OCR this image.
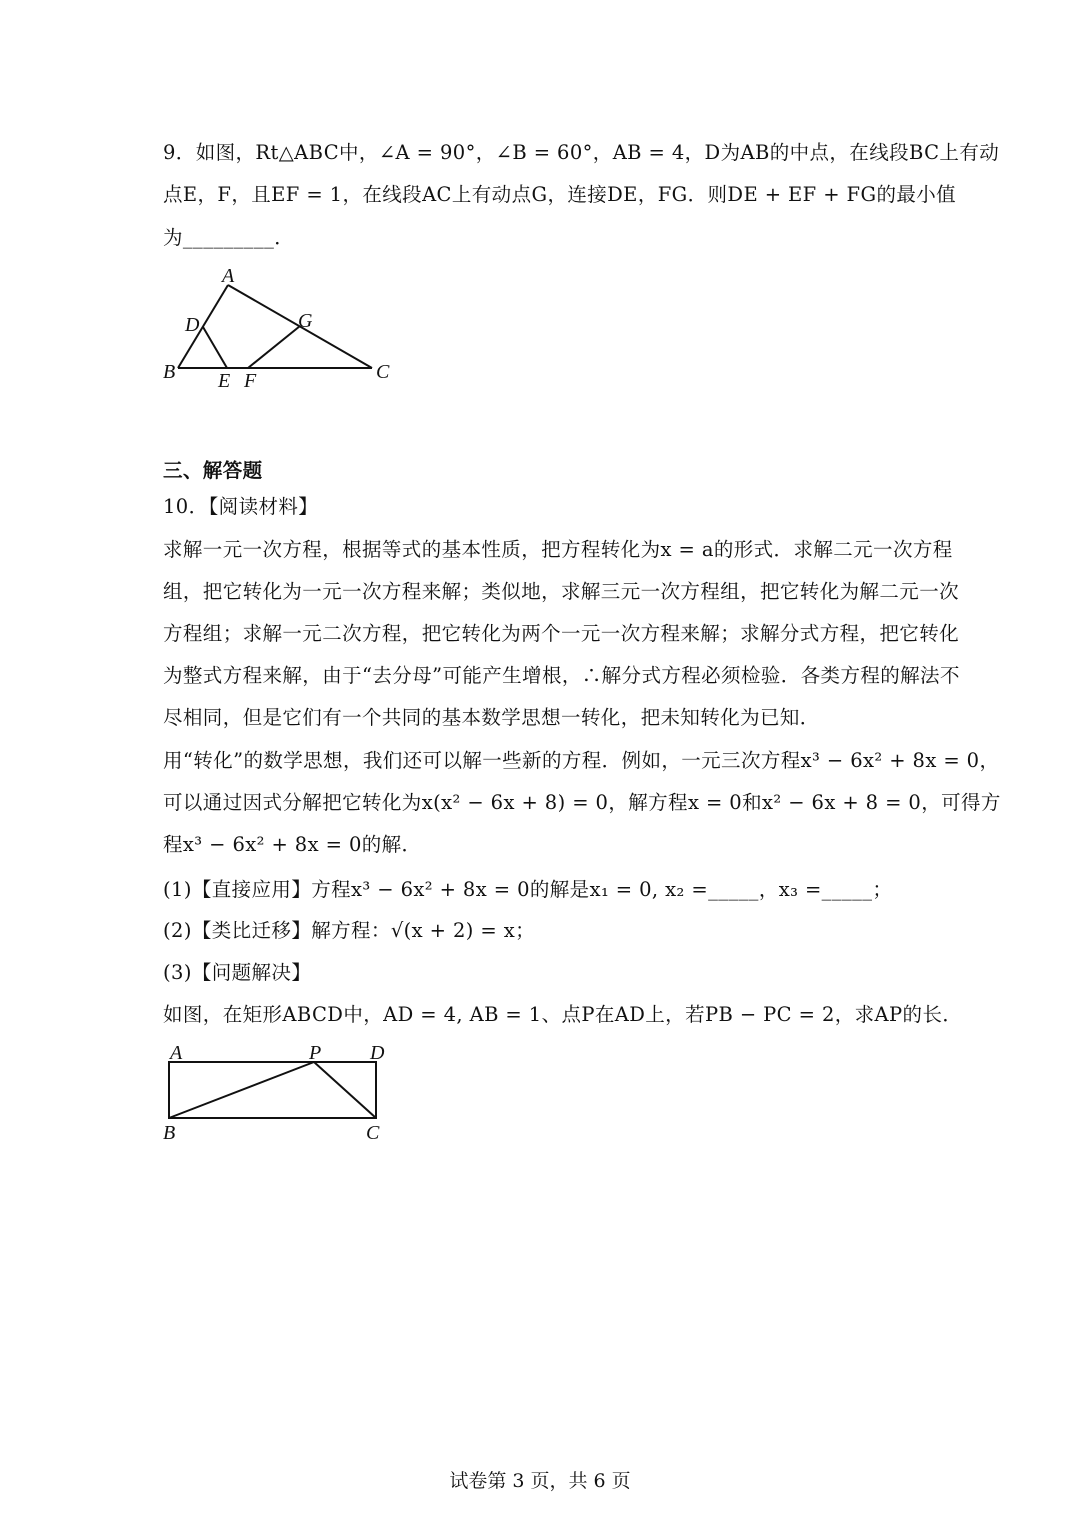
9．如图，Rt△ABC中，∠A = 90°，∠B = 60°，AB = 4，D为AB的中点，在线段BC上有动
点E，F，且EF = 1，在线段AC上有动点G，连接DE，FG．则DE + EF + FG的最小值
为_________．
A
B	C
D
E F
G
三、解答题
10．【阅读材料】
求解一元一次方程，根据等式的基本性质，把方程转化为x = a的形式．求解二元一次方程
组，把它转化为一元一次方程来解；类似地，求解三元一次方程组，把它转化为解二元一次
方程组；求解一元二次方程，把它转化为两个一元一次方程来解；求解分式方程，把它转化
为整式方程来解，由于“去分母”可能产生增根，∴解分式方程必须检验．各类方程的解法不
尽相同，但是它们有一个共同的基本数学思想一转化，把未知转化为已知．
用“转化”的数学思想，我们还可以解一些新的方程．例如，一元三次方程x³ − 6x² + 8x = 0，
可以通过因式分解把它转化为x(x² − 6x + 8) = 0，解方程x = 0和x² − 6x + 8 = 0，可得方
程x³ − 6x² + 8x = 0的解．
(1)【直接应用】方程x³ − 6x² + 8x = 0的解是x₁ = 0, x₂ =_____，x₃ =_____；
(2)【类比迁移】解方程：√(x + 2) = x；
(3)【问题解决】
如图，在矩形ABCD中，AD = 4, AB = 1、点P在AD上，若PB − PC = 2，求AP的长．
A	P D
B	C
试卷第 3 页，共 6 页
